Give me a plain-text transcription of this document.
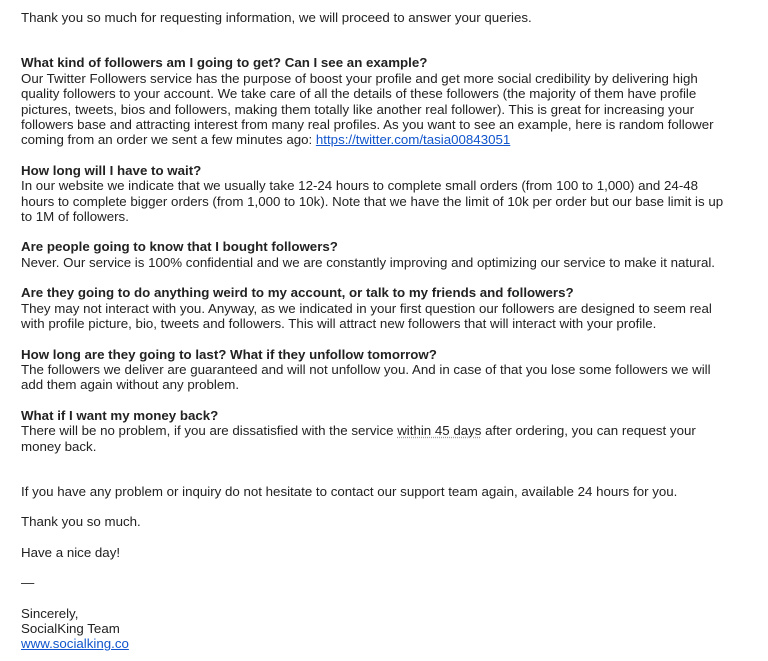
Thank you so much for requesting information, we will proceed to answer your queries.

What kind of followers am I going to get? Can I see an example?

Our Twitter Followers service has the purpose of boost your profile and get more social credibility by delivering high quality followers to your account. We take care of all the details of these followers (the majority of them have profile pictures, tweets, bios and followers, making them totally like another real follower). This is great for increasing your followers base and attracting interest from many real profiles. As you want to see an example, here is random follower coming from an order we sent a few minutes ago: https://twitter.com/tasia00843051

How long will I have to wait?

In our website we indicate that we usually take 12-24 hours to complete small orders (from 100 to 1,000) and 24-48 hours to complete bigger orders (from 1,000 to 10k). Note that we have the limit of 10k per order but our base limit is up to 1M of followers.

Are people going to know that I bought followers?

Never. Our service is 100% confidential and we are constantly improving and optimizing our service to make it natural.

Are they going to do anything weird to my account, or talk to my friends and followers?

They may not interact with you. Anyway, as we indicated in your first question our followers are designed to seem real with profile picture, bio, tweets and followers. This will attract new followers that will interact with your profile.

How long are they going to last? What if they unfollow tomorrow?

The followers we deliver are guaranteed and will not unfollow you. And in case of that you lose some followers we will add them again without any problem.

What if I want my money back?

There will be no problem, if you are dissatisfied with the service within 45 days after ordering, you can request your money back.

If you have any problem or inquiry do not hesitate to contact our support team again, available 24 hours for you.

Thank you so much.

Have a nice day!

—

Sincerely,

SocialKing Team

www.socialking.co
